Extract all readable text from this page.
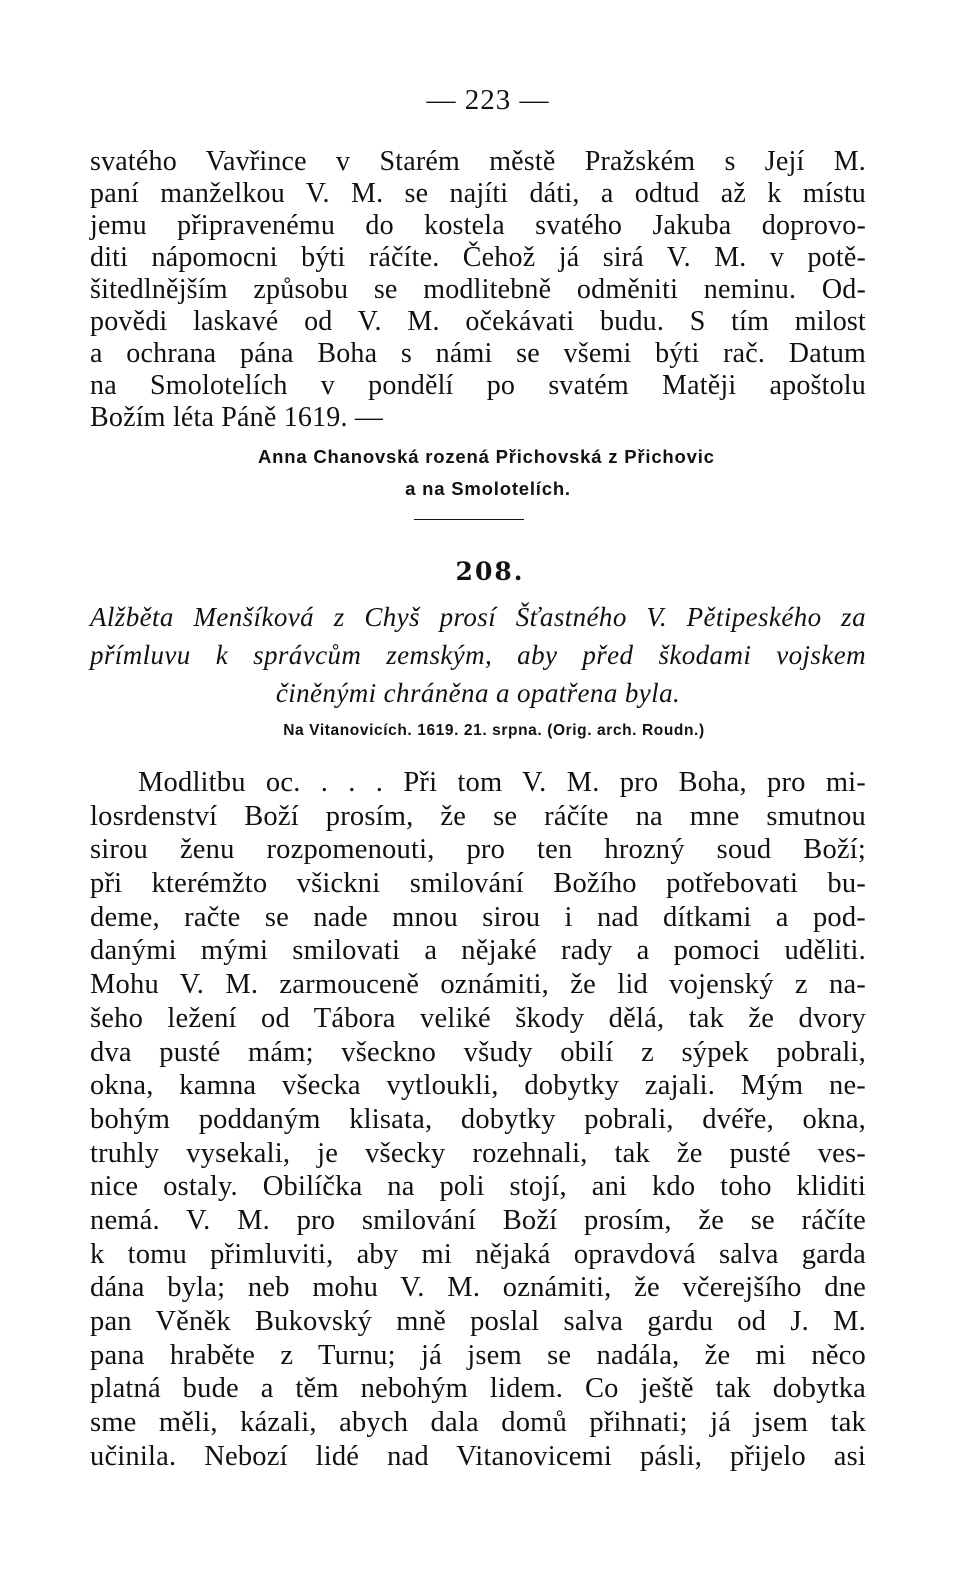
— 223 —
svatého Vavřince v Starém městě Pražském s Její M.
paní manželkou V. M. se najíti dáti, a odtud až k místu
jemu připravenému do kostela svatého Jakuba doprovo-
diti nápomocni býti ráčíte. Čehož já sirá V. M. v potě-
šitedlnějším způsobu se modlitebně odměniti neminu. Od-
povědi laskavé od V. M. očekávati budu. S tím milost
a ochrana pána Boha s námi se všemi býti rač. Datum
na Smolotelích v pondělí po svatém Matěji apoštolu
Božím léta Páně 1619. —
Anna Chanovská rozená Přichovská z Přichovic
a na Smolotelích.
208.
Alžběta Menšíková z Chyš prosí Šťastného V. Pětipeského za
přímluvu k správcům zemským, aby před škodami vojskem
činěnými chráněna a opatřena byla.
Na Vitanovicích. 1619. 21. srpna. (Orig. arch. Roudn.)
Modlitbu oc. . . . Při tom V. M. pro Boha, pro mi-
losrdenství Boží prosím, že se ráčíte na mne smutnou
sirou ženu rozpomenouti, pro ten hrozný soud Boží;
při kterémžto všickni smilování Božího potřebovati bu-
deme, račte se nade mnou sirou i nad dítkami a pod-
danými mými smilovati a nějaké rady a pomoci uděliti.
Mohu V. M. zarmouceně oznámiti, že lid vojenský z na-
šeho ležení od Tábora veliké škody dělá, tak že dvory
dva pusté mám; všeckno všudy obilí z sýpek pobrali,
okna, kamna všecka vytloukli, dobytky zajali. Mým ne-
bohým poddaným klisata, dobytky pobrali, dvéře, okna,
truhly vysekali, je všecky rozehnali, tak že pusté ves-
nice ostaly. Obilíčka na poli stojí, ani kdo toho kliditi
nemá. V. M. pro smilování Boží prosím, že se ráčíte
k tomu přimluviti, aby mi nějaká opravdová salva garda
dána byla; neb mohu V. M. oznámiti, že včerejšího dne
pan Věněk Bukovský mně poslal salva gardu od J. M.
pana hraběte z Turnu; já jsem se nadála, že mi něco
platná bude a těm nebohým lidem. Co ještě tak dobytka
sme měli, kázali, abych dala domů přihnati; já jsem tak
učinila. Nebozí lidé nad Vitanovicemi pásli, přijelo asi
